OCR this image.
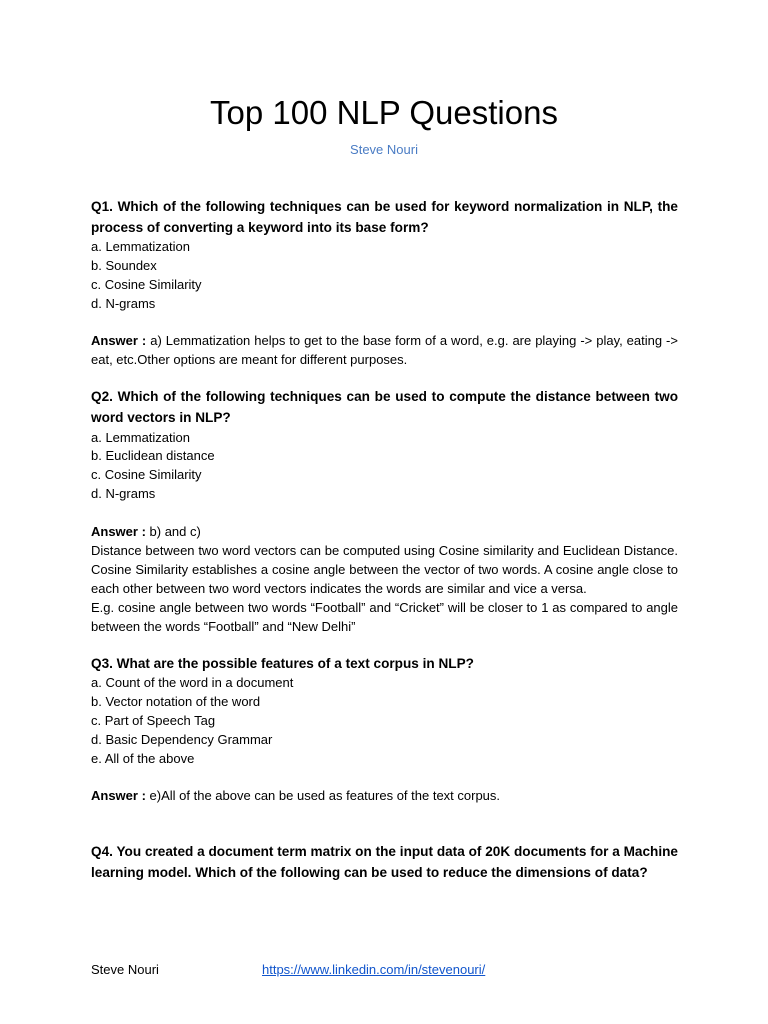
Top 100 NLP Questions
Steve Nouri
Q1. Which of the following techniques can be used for keyword normalization in NLP, the process of converting a keyword into its base form?
a. Lemmatization
b. Soundex
c. Cosine Similarity
d. N-grams
Answer : a) Lemmatization helps to get to the base form of a word, e.g. are playing -> play, eating -> eat, etc.Other options are meant for different purposes.
Q2. Which of the following techniques can be used to compute the distance between two word vectors in NLP?
a. Lemmatization
b. Euclidean distance
c. Cosine Similarity
d. N-grams
Answer : b) and c)
Distance between two word vectors can be computed using Cosine similarity and Euclidean Distance. Cosine Similarity establishes a cosine angle between the vector of two words. A cosine angle close to each other between two word vectors indicates the words are similar and vice a versa.
E.g. cosine angle between two words “Football” and “Cricket” will be closer to 1 as compared to angle between the words “Football” and “New Delhi”
Q3. What are the possible features of a text corpus in NLP?
a. Count of the word in a document
b. Vector notation of the word
c. Part of Speech Tag
d. Basic Dependency Grammar
e. All of the above
Answer : e)All of the above can be used as features of the text corpus.
Q4. You created a document term matrix on the input data of 20K documents for a Machine learning model. Which of the following can be used to reduce the dimensions of data?
Steve Nouri	https://www.linkedin.com/in/stevenouri/
